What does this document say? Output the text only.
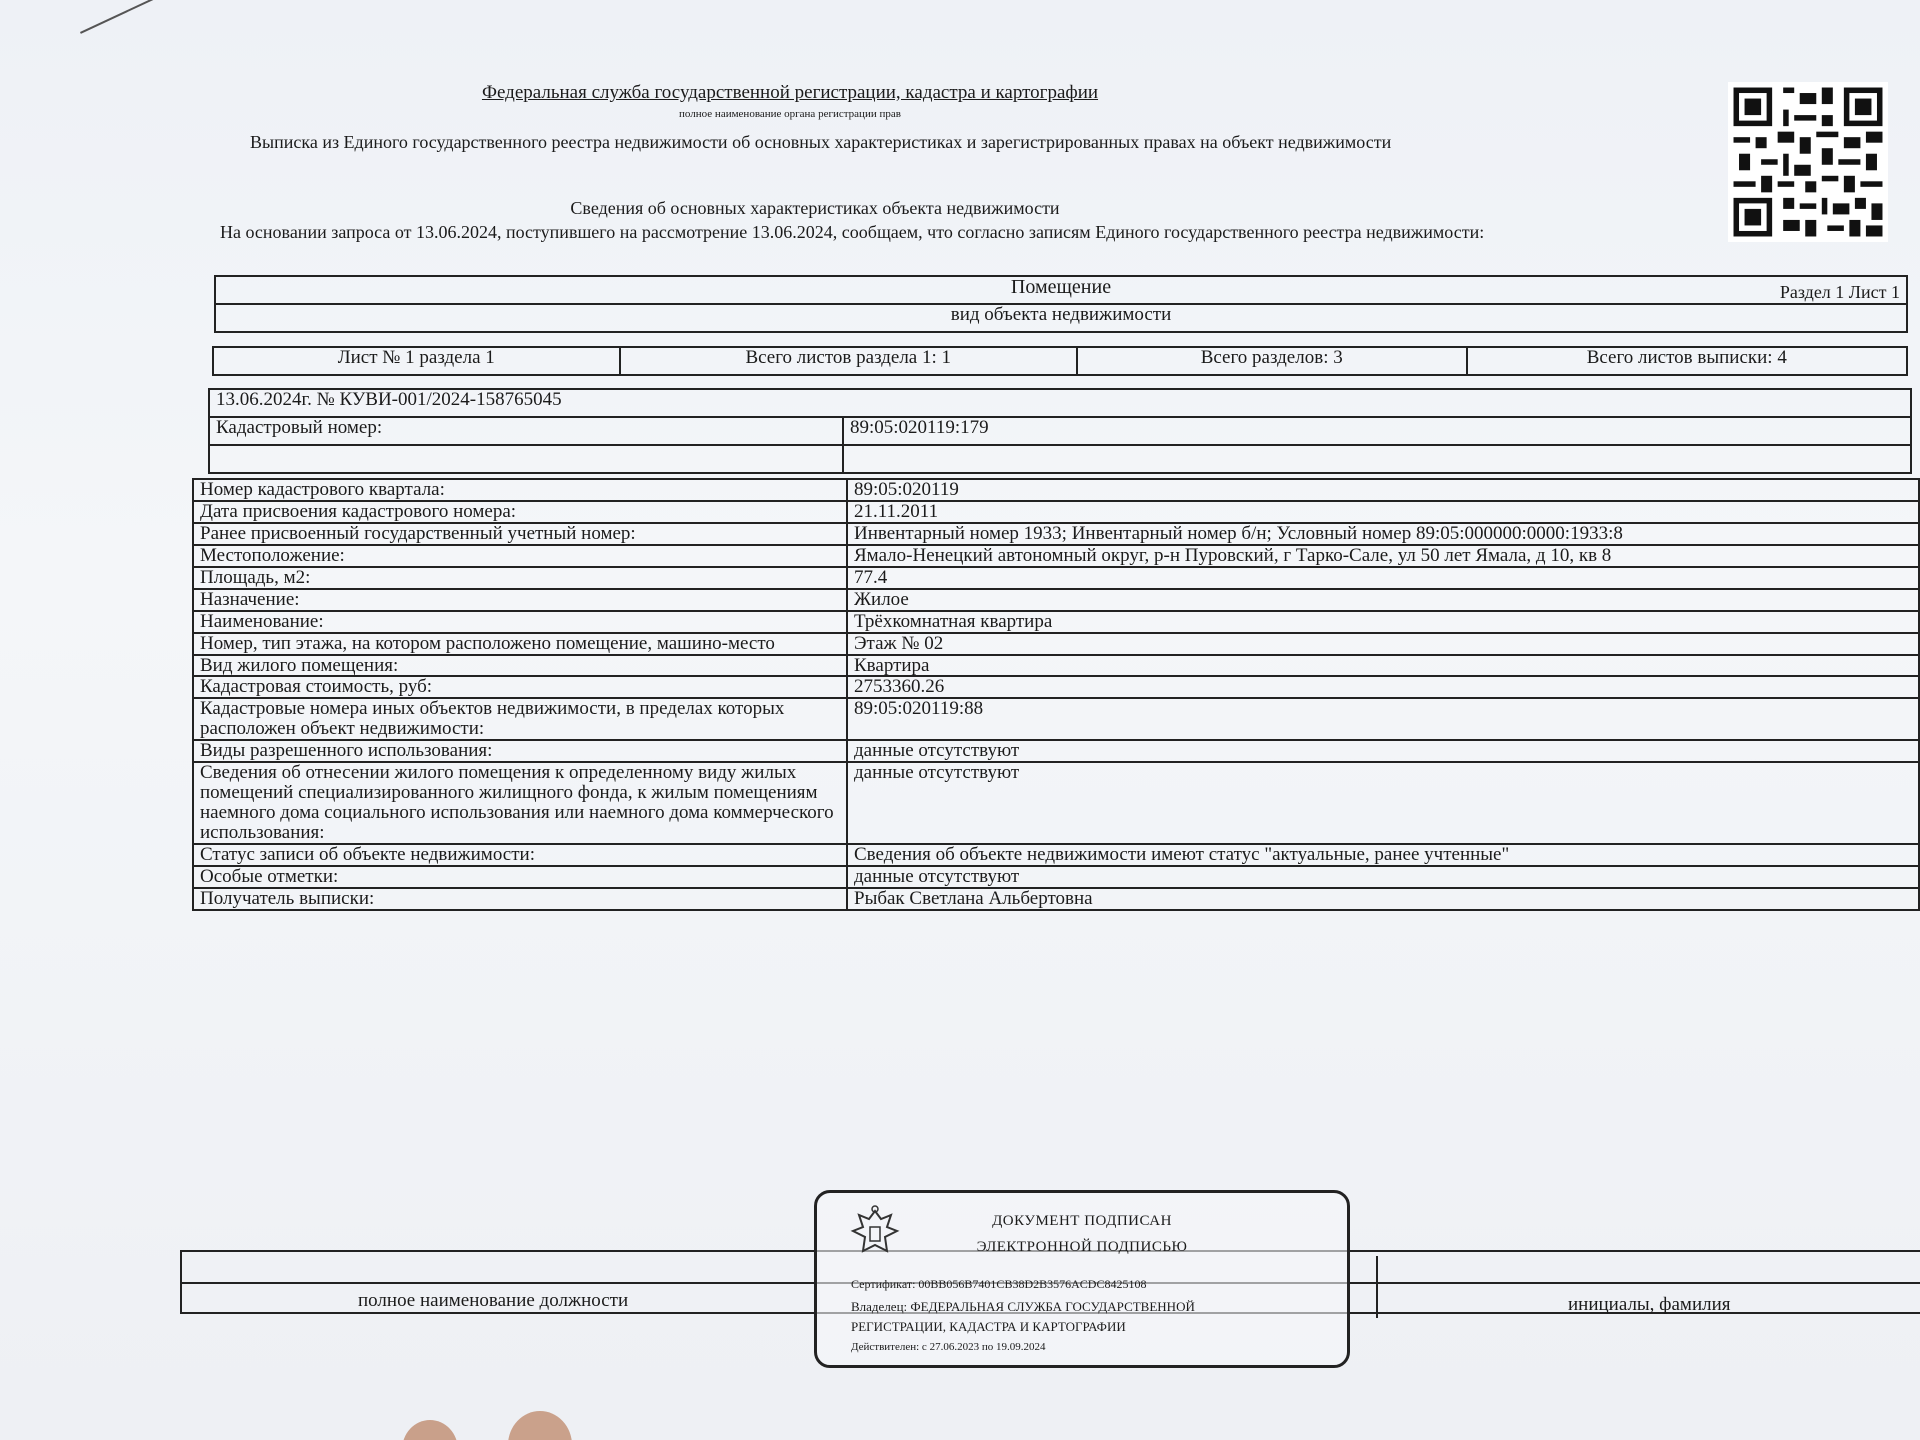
Федеральная служба государственной регистрации, кадастра и картографии
полное наименование органа регистрации прав
Выписка из Единого государственного реестра недвижимости об основных характеристиках и зарегистрированных правах на объект недвижимости
Сведения об основных характеристиках объекта недвижимости
На основании запроса от 13.06.2024, поступившего на рассмотрение 13.06.2024, сообщаем, что согласно записям Единого государственного реестра недвижимости:
Раздел 1 Лист 1
Помещение
вид объекта недвижимости
Лист № 1 раздела 1	Всего листов раздела 1: 1	Всего разделов: 3	Всего листов выписки: 4
13.06.2024г. № КУВИ-001/2024-158765045	
Кадастровый номер:	89:05:020119:179

Номер кадастрового квартала:	89:05:020119
Дата присвоения кадастрового номера:	21.11.2011
Ранее присвоенный государственный учетный номер:	Инвентарный номер 1933; Инвентарный номер б/н; Условный номер 89:05:000000:0000:1933:8
Местоположение:	Ямало-Ненецкий автономный округ, р-н Пуровский, г Тарко-Сале, ул 50 лет Ямала, д 10, кв 8
Площадь, м2:	77.4
Назначение:	Жилое
Наименование:	Трёхкомнатная квартира
Номер, тип этажа, на котором расположено помещение, машино-место	Этаж № 02
Вид жилого помещения:	Квартира
Кадастровая стоимость, руб:	2753360.26
Кадастровые номера иных объектов недвижимости, в пределах которых расположен объект недвижимости:	89:05:020119:88
Виды разрешенного использования:	данные отсутствуют
Сведения об отнесении жилого помещения к определенному виду жилых помещений специализированного жилищного фонда, к жилым помещениям наемного дома социального использования или наемного дома коммерческого использования:	данные отсутствуют
Статус записи об объекте недвижимости:	Сведения об объекте недвижимости имеют статус "актуальные, ранее учтенные"
Особые отметки:	данные отсутствуют
Получатель выписки:	Рыбак Светлана Альбертовна
полное наименование должности	инициалы, фамилия
ДОКУМЕНТ ПОДПИСАН
ЭЛЕКТРОННОЙ ПОДПИСЬЮ
Сертификат: 00BB056B7401CB38D2B3576ACDC8425108
Владелец: ФЕДЕРАЛЬНАЯ СЛУЖБА ГОСУДАРСТВЕННОЙ
РЕГИСТРАЦИИ, КАДАСТРА И КАРТОГРАФИИ
Действителен: с 27.06.2023 по 19.09.2024
